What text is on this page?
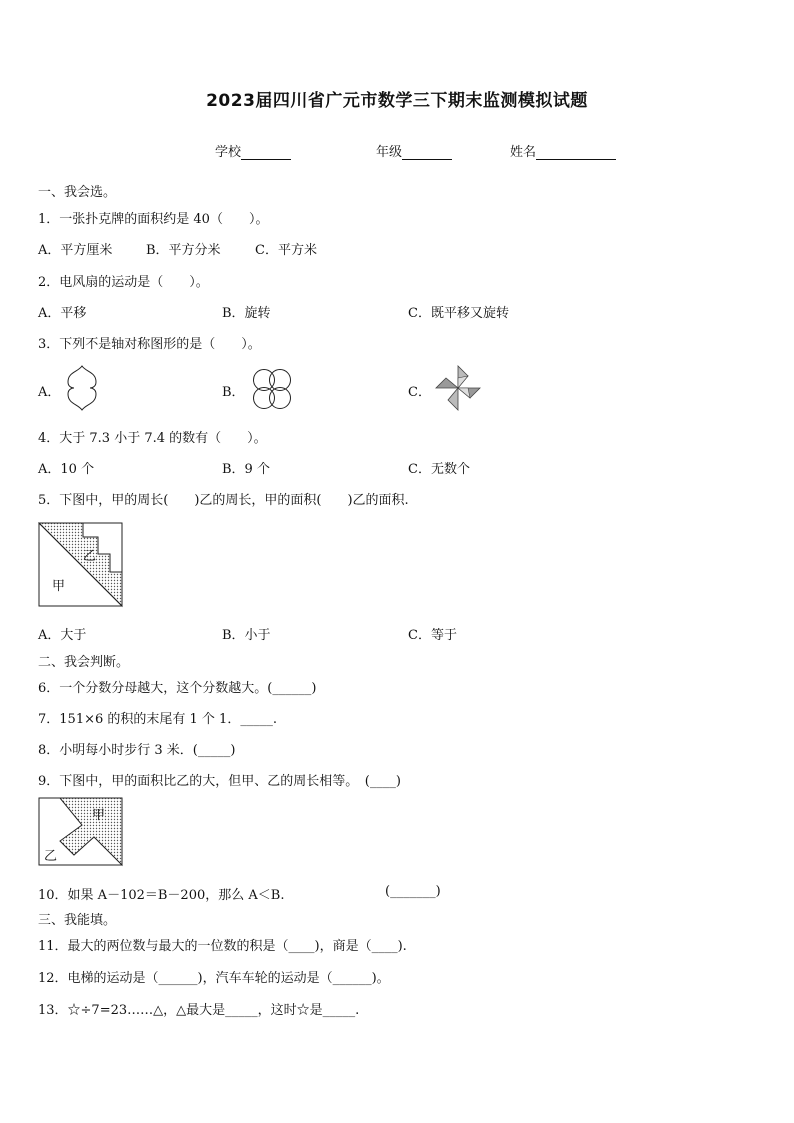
2023届四川省广元市数学三下期末监测模拟试题
学校	年级	姓名
一、我会选。
1．一张扑克牌的面积约是 40（　　）。
A．平方厘米	B．平方分米	C．平方米
2．电风扇的运动是（　　）。
A．平移	B．旋转	C．既平移又旋转
3．下列不是轴对称图形的是（　　）。
A．	B．	C．
4．大于 7.3 小于 7.4 的数有（　　）。
A．10 个	B．9 个	C．无数个
5．下图中，甲的周长(　　)乙的周长，甲的面积(　　)乙的面积.
乙
甲
A．大于	B．小于	C．等于
二、我会判断。
6．一个分数分母越大，这个分数越大。(______)
7．151×6 的积的末尾有 1 个 1．_____.
8．小明每小时步行 3 米．(_____)
9．下图中，甲的面积比乙的大，但甲、乙的周长相等。　(____)
甲
乙
10．如果 A－102＝B－200，那么 A＜B.	(_______)
三、我能填。
11．最大的两位数与最大的一位数的积是（____)，商是（____).
12．电梯的运动是（______)，汽车车轮的运动是（______)。
13．☆÷7=23……△，△最大是_____，这时☆是_____.
